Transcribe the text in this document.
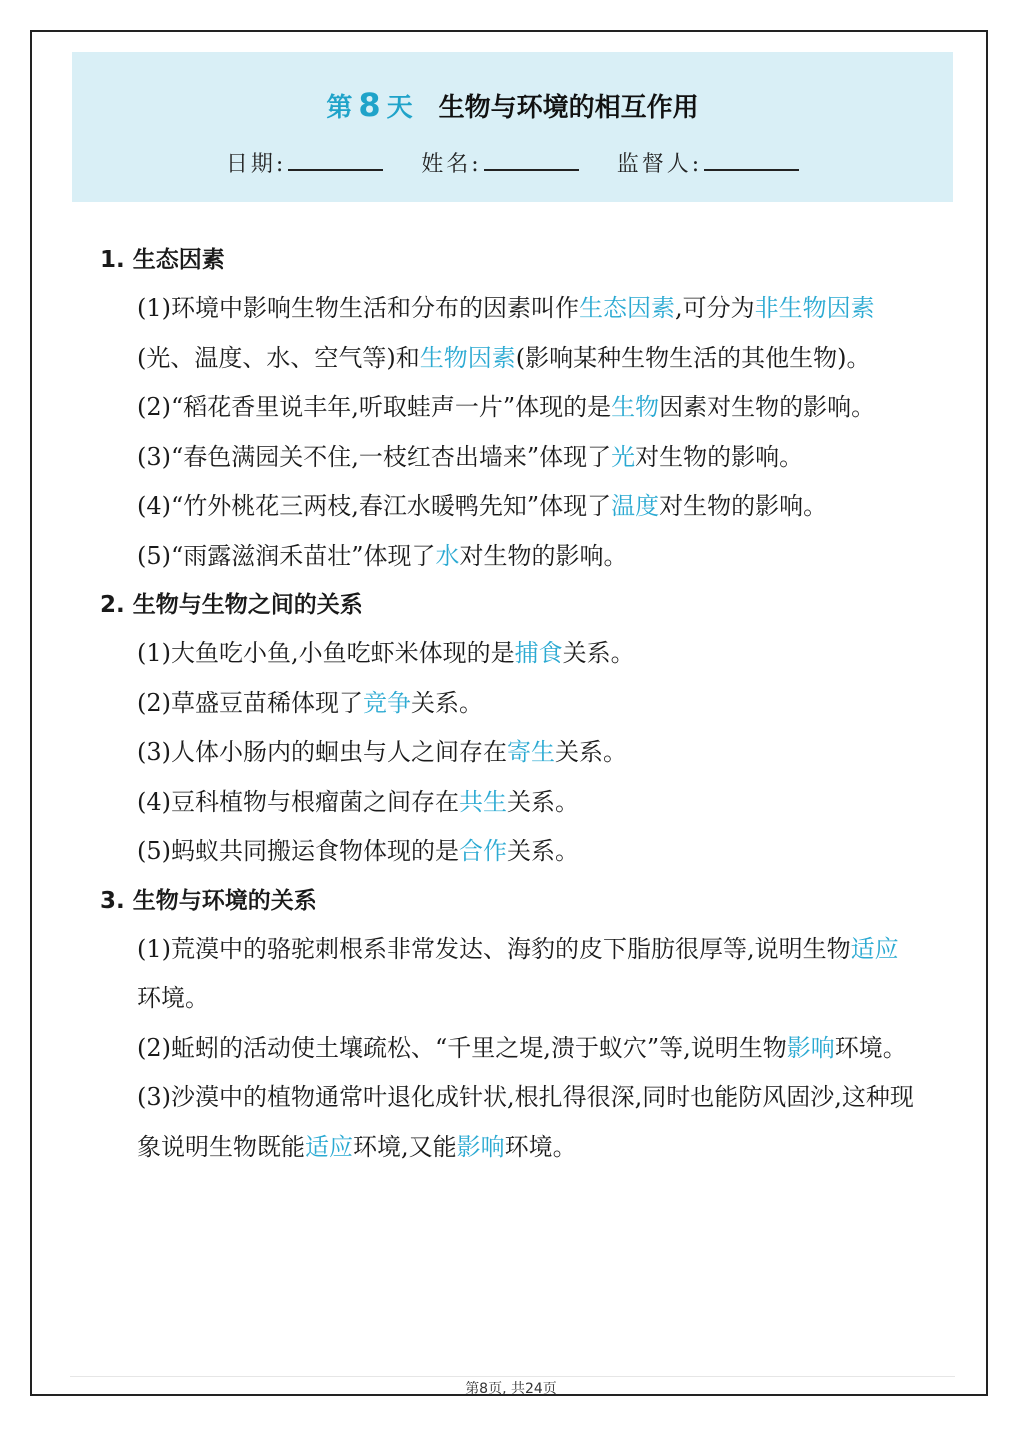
第 8 天 生物与环境的相互作用
日期:	姓名:	监督人:
1. 生态因素

(1)环境中影响生物生活和分布的因素叫作生态因素,可分为非生物因素(光、温度、水、空气等)和生物因素(影响某种生物生活的其他生物)。

(2)“稻花香里说丰年,听取蛙声一片”体现的是生物因素对生物的影响。

(3)“春色满园关不住,一枝红杏出墙来”体现了光对生物的影响。

(4)“竹外桃花三两枝,春江水暖鸭先知”体现了温度对生物的影响。

(5)“雨露滋润禾苗壮”体现了水对生物的影响。

2. 生物与生物之间的关系

(1)大鱼吃小鱼,小鱼吃虾米体现的是捕食关系。

(2)草盛豆苗稀体现了竞争关系。

(3)人体小肠内的蛔虫与人之间存在寄生关系。

(4)豆科植物与根瘤菌之间存在共生关系。

(5)蚂蚁共同搬运食物体现的是合作关系。

3. 生物与环境的关系

(1)荒漠中的骆驼刺根系非常发达、海豹的皮下脂肪很厚等,说明生物适应环境。

(2)蚯蚓的活动使土壤疏松、“千里之堤,溃于蚁穴”等,说明生物影响环境。

(3)沙漠中的植物通常叶退化成针状,根扎得很深,同时也能防风固沙,这种现象说明生物既能适应环境,又能影响环境。

第8页, 共24页
